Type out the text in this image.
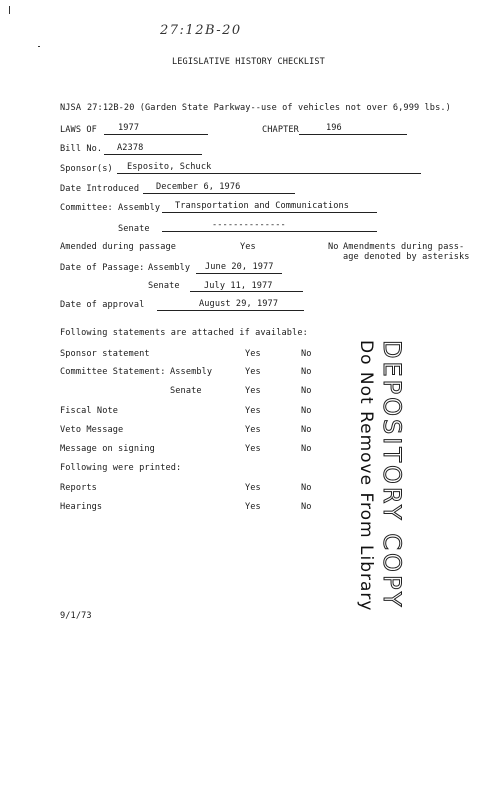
27:12B-20
LEGISLATIVE HISTORY CHECKLIST
NJSA 27:12B-20 (Garden State Parkway--use of vehicles not over 6,999 lbs.)
LAWS OF 1977	CHAPTER	196
Bill No. A2378
Sponsor(s) Esposito, Schuck
Date Introduced December 6, 1976
Committee: Assembly Transportation and Communications
Senate	--------------
Amended during passage	Yes	No Amendments during pass-
age denoted by asterisks
Date of Passage: Assembly June 20, 1977
Senate	July 11, 1977
Date of approval	August 29, 1977
Following statements are attached if available:
Sponsor statement	Yes	No
Committee Statement: Assembly	Yes	No
Senate	Yes	No
Fiscal Note	Yes	No
Veto Message	Yes	No
Message on signing	Yes	No
Following were printed:
Reports	Yes	No
Hearings	Yes	No	Do Not Remove From Library DEPOSITORY COPY
9/1/73
